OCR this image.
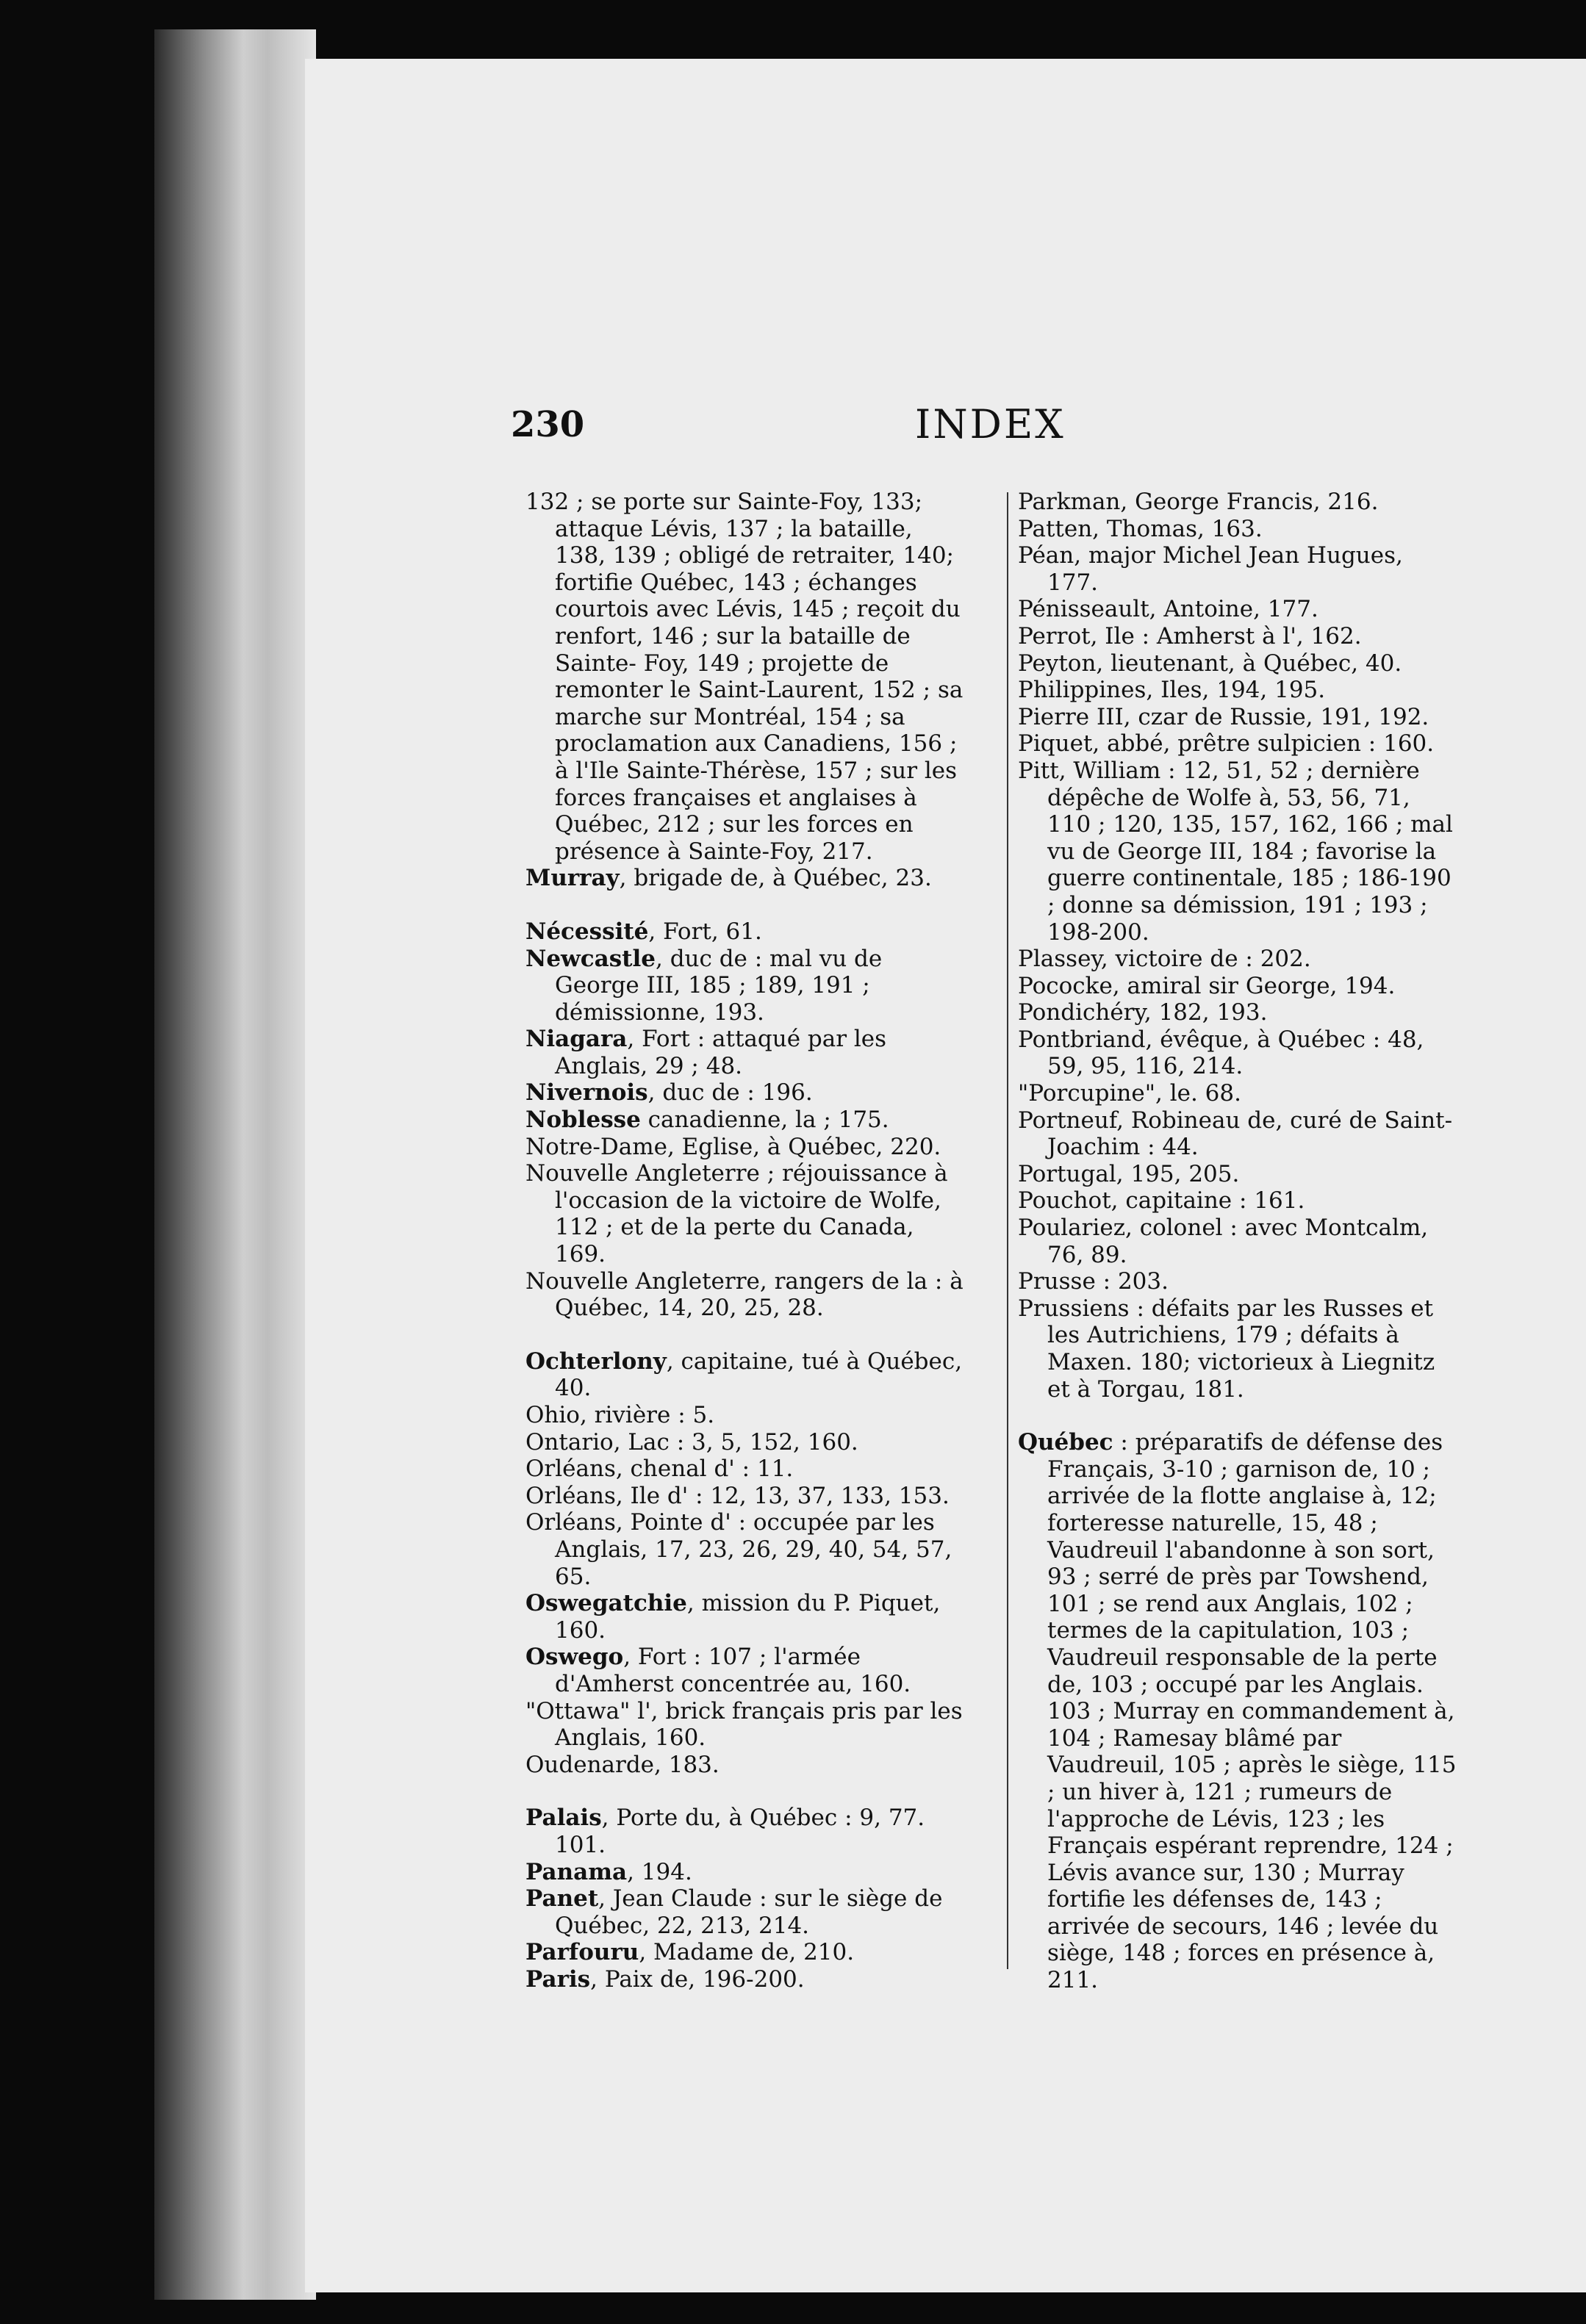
230	INDEX

132 ; se porte sur Sainte-Foy, 133; attaque Lévis, 137 ; la bataille, 138, 139 ; obligé de retraiter, 140; fortifie Québec, 143 ; échanges courtois avec Lévis, 145 ; reçoit du renfort, 146 ; sur la bataille de Sainte- Foy, 149 ; projette de remonter le Saint-Laurent, 152 ; sa marche sur Montréal, 154 ; sa proclamation aux Canadiens, 156 ; à l'Ile Sainte-Thérèse, 157 ; sur les forces françaises et anglaises à Québec, 212 ; sur les forces en présence à Sainte-Foy, 217.

Murray, brigade de, à Québec, 23.

Nécessité, Fort, 61.

Newcastle, duc de : mal vu de George III, 185 ; 189, 191 ; démissionne, 193.

Niagara, Fort : attaqué par les Anglais, 29 ; 48.

Nivernois, duc de : 196.

Noblesse canadienne, la ; 175.

Notre-Dame, Eglise, à Québec, 220.

Nouvelle Angleterre ; réjouissance à l'occasion de la victoire de Wolfe, 112 ; et de la perte du Canada, 169.

Nouvelle Angleterre, rangers de la : à Québec, 14, 20, 25, 28.

Ochterlony, capitaine, tué à Québec, 40.

Ohio, rivière : 5.

Ontario, Lac : 3, 5, 152, 160.

Orléans, chenal d' : 11.

Orléans, Ile d' : 12, 13, 37, 133, 153.

Orléans, Pointe d' : occupée par les Anglais, 17, 23, 26, 29, 40, 54, 57, 65.

Oswegatchie, mission du P. Piquet, 160.

Oswego, Fort : 107 ; l'armée d'Amherst concentrée au, 160.

"Ottawa" l', brick français pris par les Anglais, 160.

Oudenarde, 183.

Palais, Porte du, à Québec : 9, 77. 101.

Panama, 194.

Panet, Jean Claude : sur le siège de Québec, 22, 213, 214.

Parfouru, Madame de, 210.

Paris, Paix de, 196-200.

Parkman, George Francis, 216.

Patten, Thomas, 163.

Péan, major Michel Jean Hugues, 177.

Pénisseault, Antoine, 177.

Perrot, Ile : Amherst à l', 162.

Peyton, lieutenant, à Québec, 40.

Philippines, Iles, 194, 195.

Pierre III, czar de Russie, 191, 192.

Piquet, abbé, prêtre sulpicien : 160.

Pitt, William : 12, 51, 52 ; dernière dépêche de Wolfe à, 53, 56, 71, 110 ; 120, 135, 157, 162, 166 ; mal vu de George III, 184 ; favorise la guerre continentale, 185 ; 186-190 ; donne sa démission, 191 ; 193 ; 198-200.

Plassey, victoire de : 202.

Pococke, amiral sir George, 194.

Pondichéry, 182, 193.

Pontbriand, évêque, à Québec : 48, 59, 95, 116, 214.

"Porcupine", le. 68.

Portneuf, Robineau de, curé de Saint-Joachim : 44.

Portugal, 195, 205.

Pouchot, capitaine : 161.

Poulariez, colonel : avec Montcalm, 76, 89.

Prusse : 203.

Prussiens : défaits par les Russes et les Autrichiens, 179 ; défaits à Maxen. 180; victorieux à Liegnitz et à Torgau, 181.

Québec : préparatifs de défense des Français, 3-10 ; garnison de, 10 ; arrivée de la flotte anglaise à, 12; forteresse naturelle, 15, 48 ; Vaudreuil l'abandonne à son sort, 93 ; serré de près par Towshend, 101 ; se rend aux Anglais, 102 ; termes de la capitulation, 103 ; Vaudreuil responsable de la perte de, 103 ; occupé par les Anglais. 103 ; Murray en commandement à, 104 ; Ramesay blâmé par Vaudreuil, 105 ; après le siège, 115 ; un hiver à, 121 ; rumeurs de l'approche de Lévis, 123 ; les Français espérant reprendre, 124 ; Lévis avance sur, 130 ; Murray fortifie les défenses de, 143 ; arrivée de secours, 146 ; levée du siège, 148 ; forces en présence à, 211.
